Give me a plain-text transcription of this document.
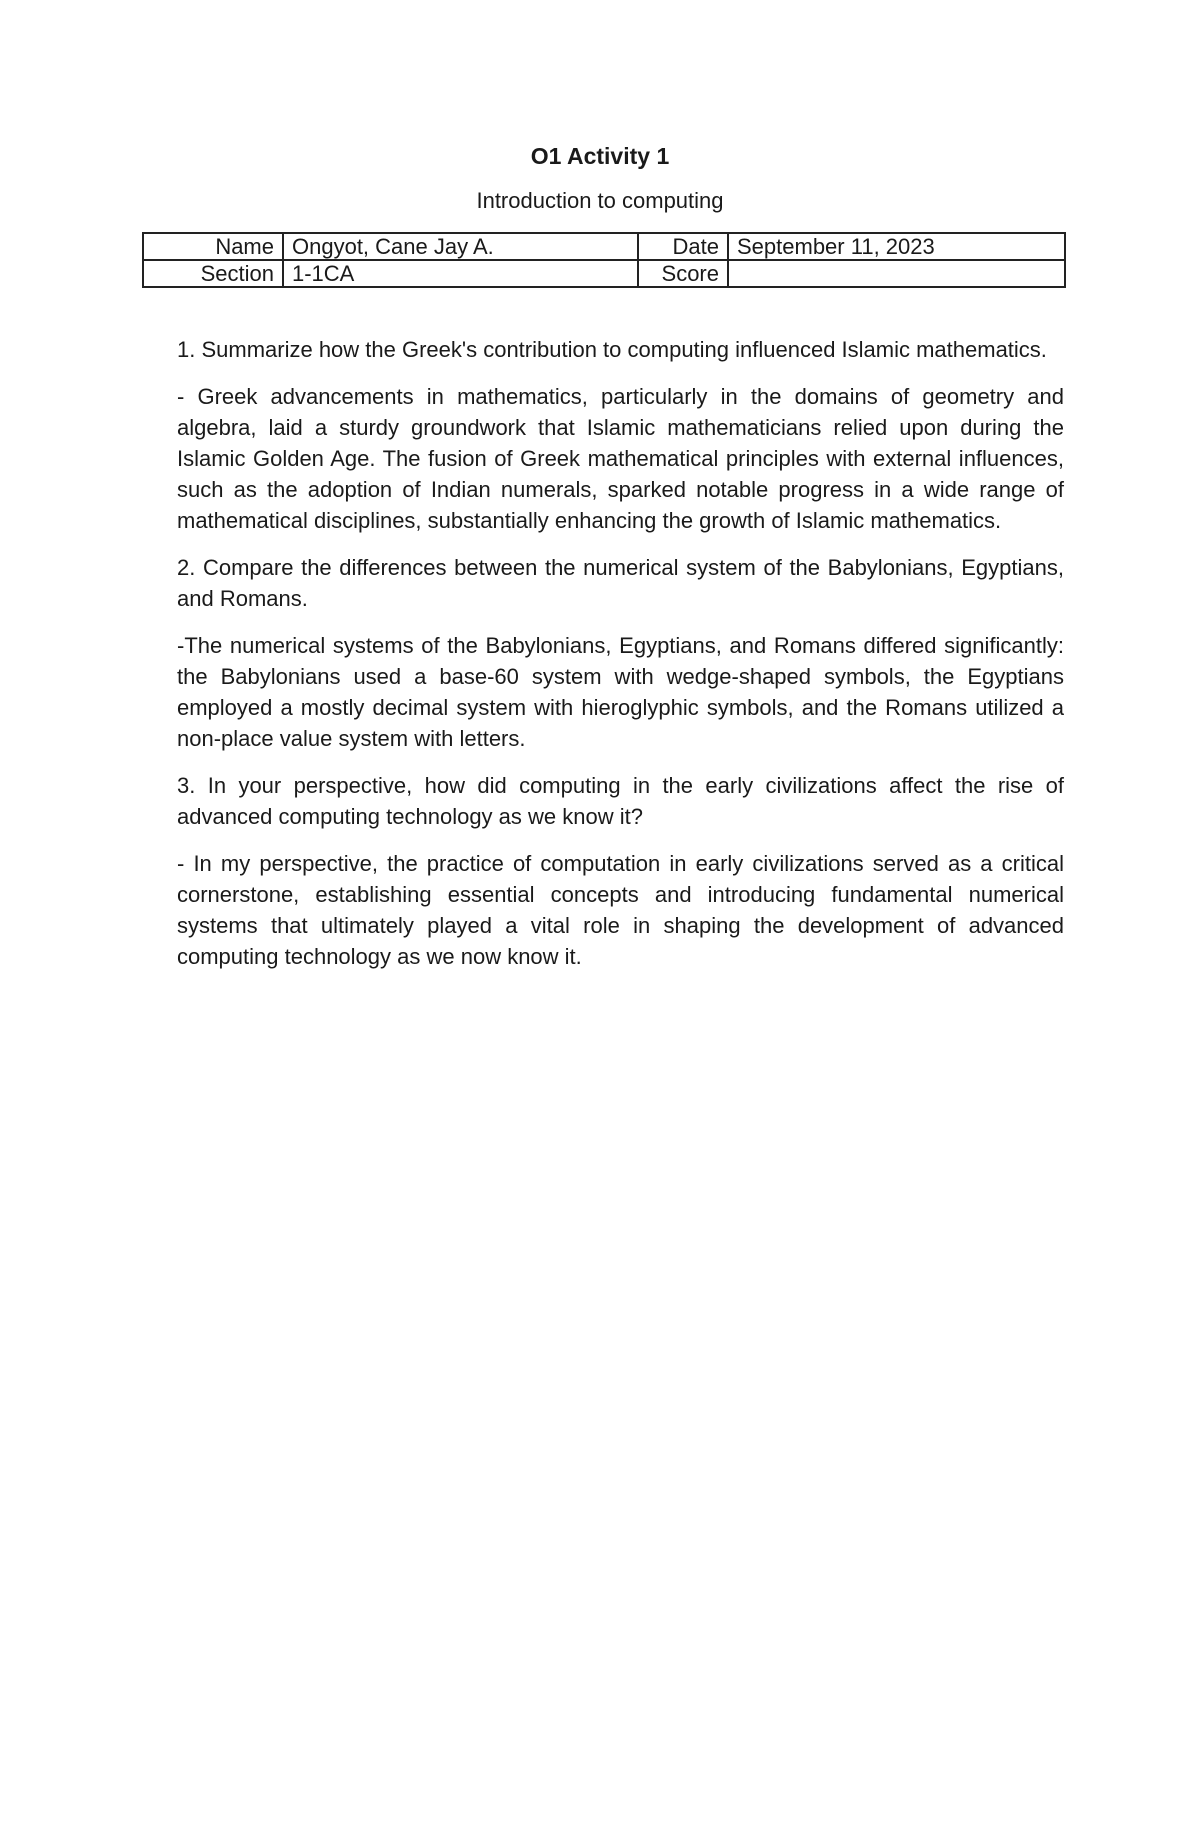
O1 Activity 1
Introduction to computing
Name	Ongyot, Cane Jay A.	Date	September 11, 2023
Section	1-1CA	Score	

1. Summarize how the Greek's contribution to computing influenced Islamic mathematics.

- Greek advancements in mathematics, particularly in the domains of geometry and algebra, laid a sturdy groundwork that Islamic mathematicians relied upon during the Islamic Golden Age. The fusion of Greek mathematical principles with external influences, such as the adoption of Indian numerals, sparked notable progress in a wide range of mathematical disciplines, substantially enhancing the growth of Islamic mathematics.

2. Compare the differences between the numerical system of the Babylonians, Egyptians, and Romans.

-The numerical systems of the Babylonians, Egyptians, and Romans differed significantly: the Babylonians used a base-60 system with wedge-shaped symbols, the Egyptians employed a mostly decimal system with hieroglyphic symbols, and the Romans utilized a non-place value system with letters.

3. In your perspective, how did computing in the early civilizations affect the rise of advanced computing technology as we know it?

- In my perspective, the practice of computation in early civilizations served as a critical cornerstone, establishing essential concepts and introducing fundamental numerical systems that ultimately played a vital role in shaping the development of advanced computing technology as we now know it.
